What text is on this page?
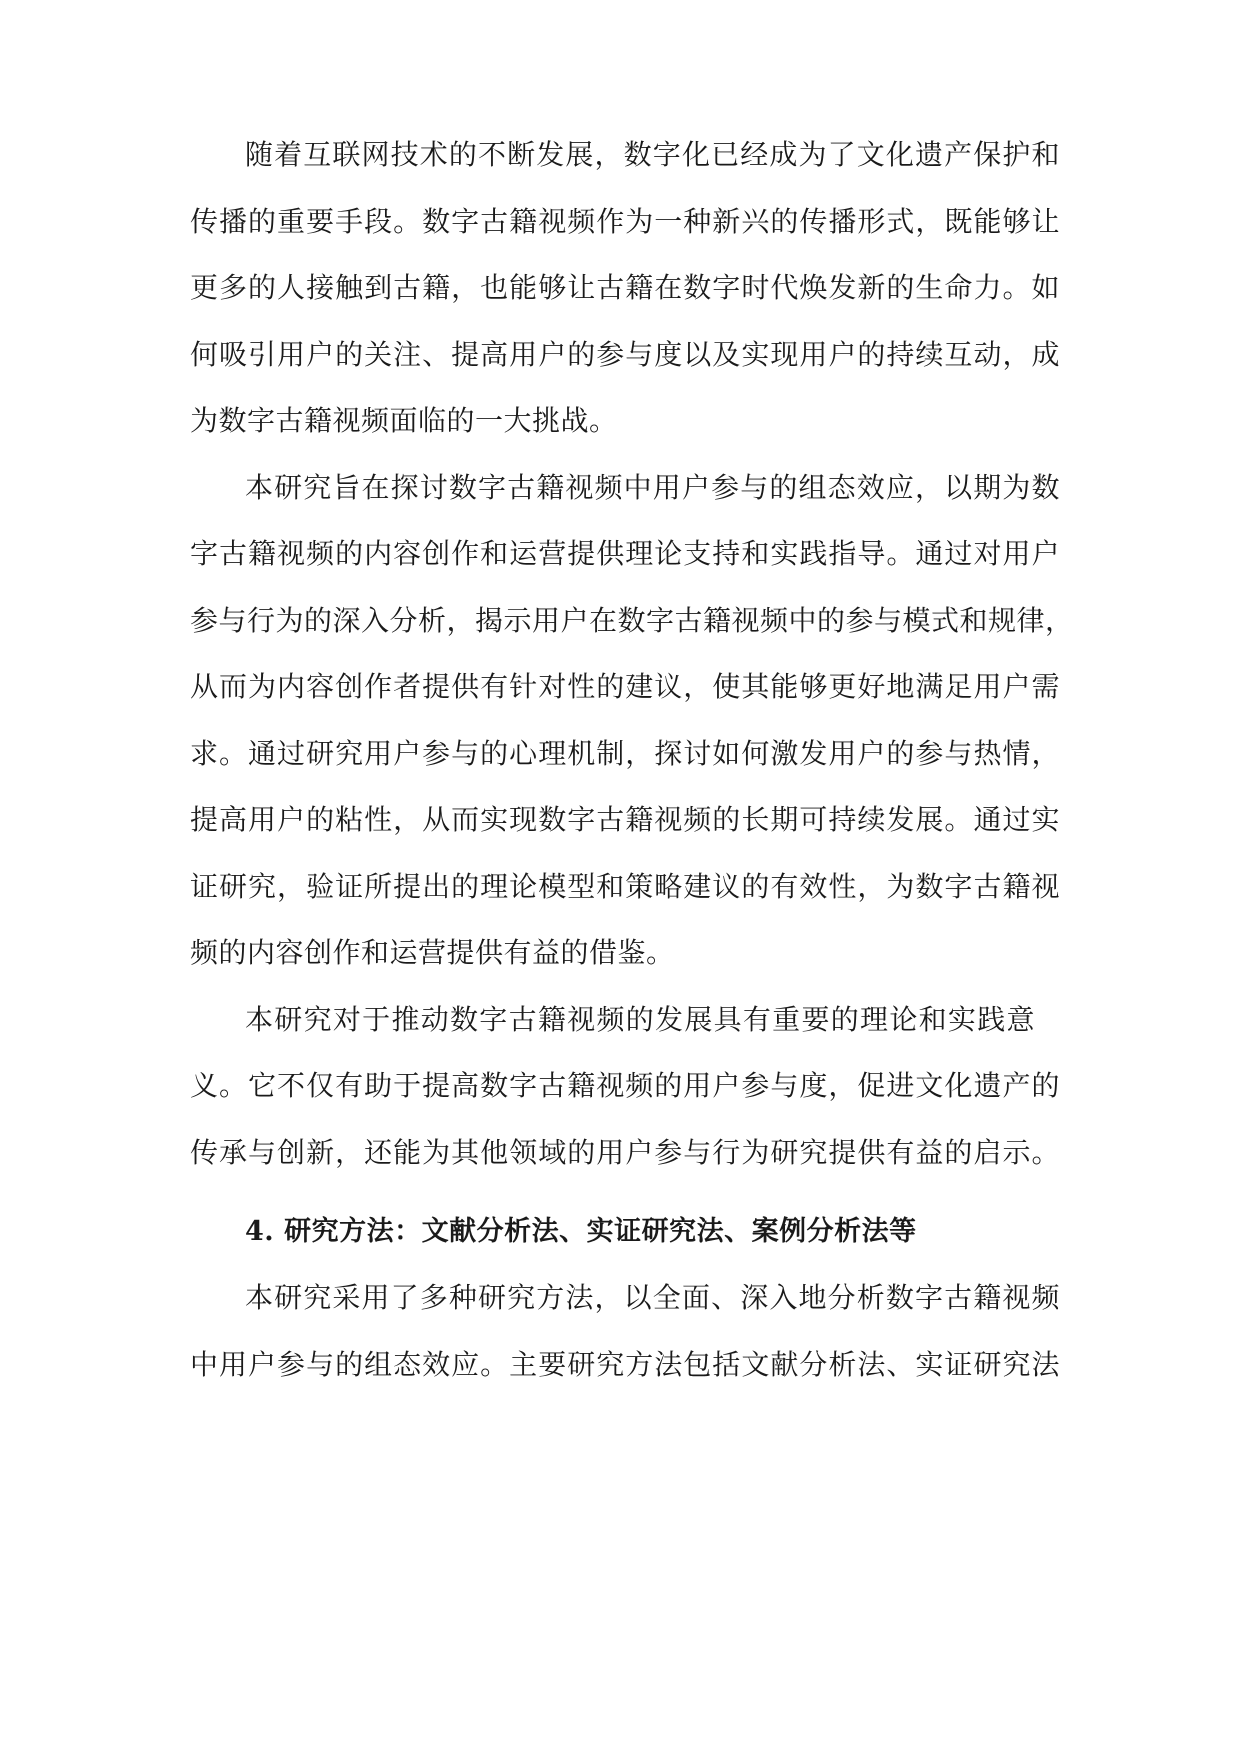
随着互联网技术的不断发展，数字化已经成为了文化遗产保护和
传播的重要手段。数字古籍视频作为一种新兴的传播形式，既能够让
更多的人接触到古籍，也能够让古籍在数字时代焕发新的生命力。如
何吸引用户的关注、提高用户的参与度以及实现用户的持续互动，成
为数字古籍视频面临的一大挑战。
本研究旨在探讨数字古籍视频中用户参与的组态效应，以期为数
字古籍视频的内容创作和运营提供理论支持和实践指导。通过对用户
参与行为的深入分析，揭示用户在数字古籍视频中的参与模式和规律，
从而为内容创作者提供有针对性的建议，使其能够更好地满足用户需
求。通过研究用户参与的心理机制，探讨如何激发用户的参与热情，
提高用户的粘性，从而实现数字古籍视频的长期可持续发展。通过实
证研究，验证所提出的理论模型和策略建议的有效性，为数字古籍视
频的内容创作和运营提供有益的借鉴。
本研究对于推动数字古籍视频的发展具有重要的理论和实践意
义。它不仅有助于提高数字古籍视频的用户参与度，促进文化遗产的
传承与创新，还能为其他领域的用户参与行为研究提供有益的启示。
4. 研究方法：文献分析法、实证研究法、案例分析法等
本研究采用了多种研究方法，以全面、深入地分析数字古籍视频
中用户参与的组态效应。主要研究方法包括文献分析法、实证研究法
